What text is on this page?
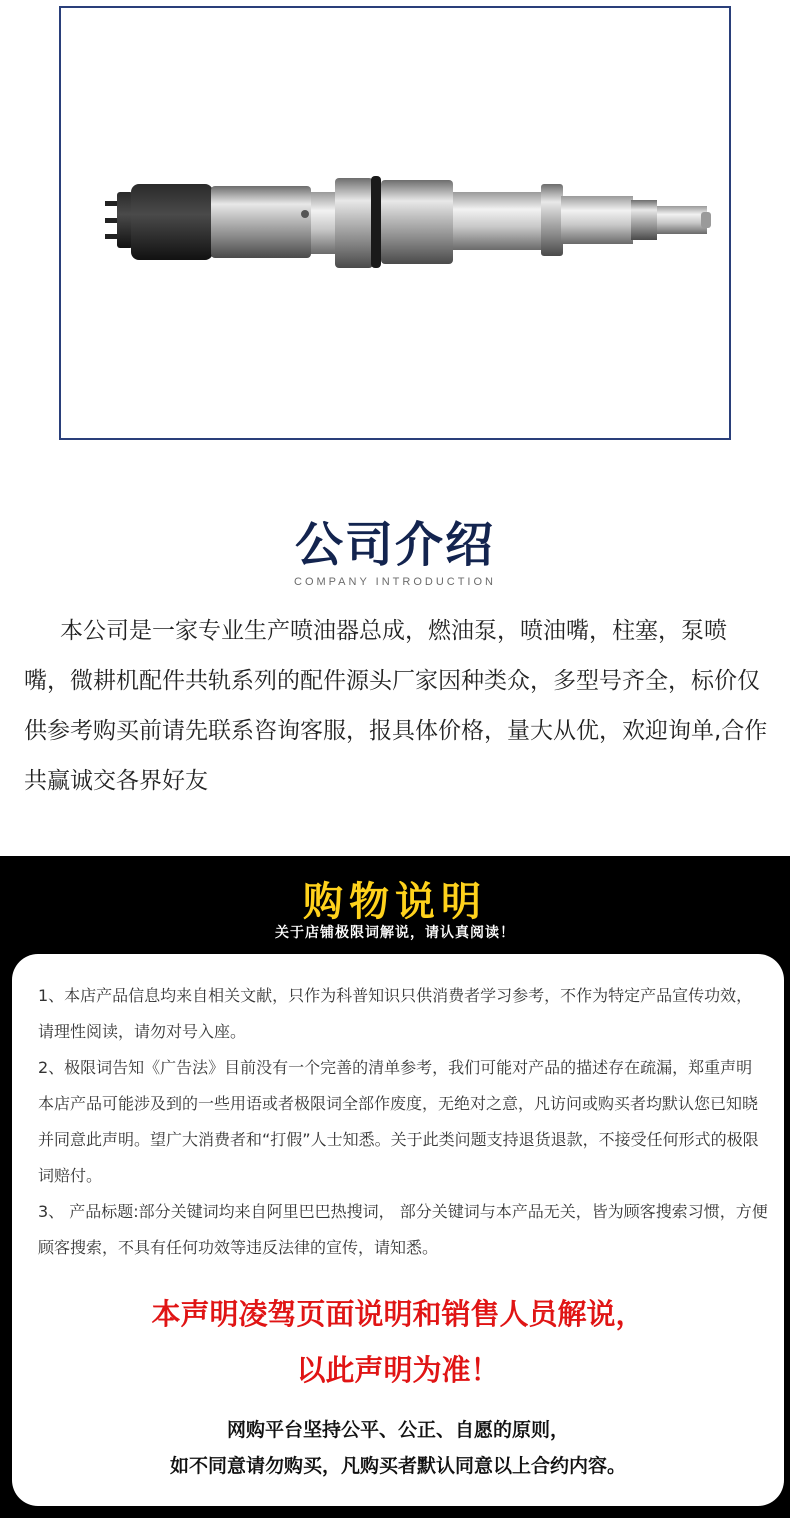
公司介绍
COMPANY INTRODUCTION
本公司是一家专业生产喷油器总成，燃油泵，喷油嘴，柱塞，泵喷嘴，微耕机配件共轨系列的配件源头厂家因种类众，多型号齐全，标价仅供参考购买前请先联系咨询客服，报具体价格，量大从优，欢迎询单,合作共赢诚交各界好友
购物说明
关于店铺极限词解说，请认真阅读！

1、本店产品信息均来自相关文献，只作为科普知识只供消费者学习参考，不作为特定产品宣传功效，请理性阅读，请勿对号入座。

2、极限词告知《广告法》目前没有一个完善的清单参考，我们可能对产品的描述存在疏漏，郑重声明本店产品可能涉及到的一些用语或者极限词全部作废度，无绝对之意，凡访问或购买者均默认您已知晓并同意此声明。望广大消费者和“打假”人士知悉。关于此类问题支持退货退款，不接受任何形式的极限词赔付。

3、 产品标题:部分关键词均来自阿里巴巴热搜词， 部分关键词与本产品无关，皆为顾客搜索习惯，方便顾客搜索，不具有任何功效等违反法律的宣传，请知悉。

本声明凌驾页面说明和销售人员解说，
以此声明为准！
网购平台坚持公平、公正、自愿的原则，
如不同意请勿购买，凡购买者默认同意以上合约内容。
